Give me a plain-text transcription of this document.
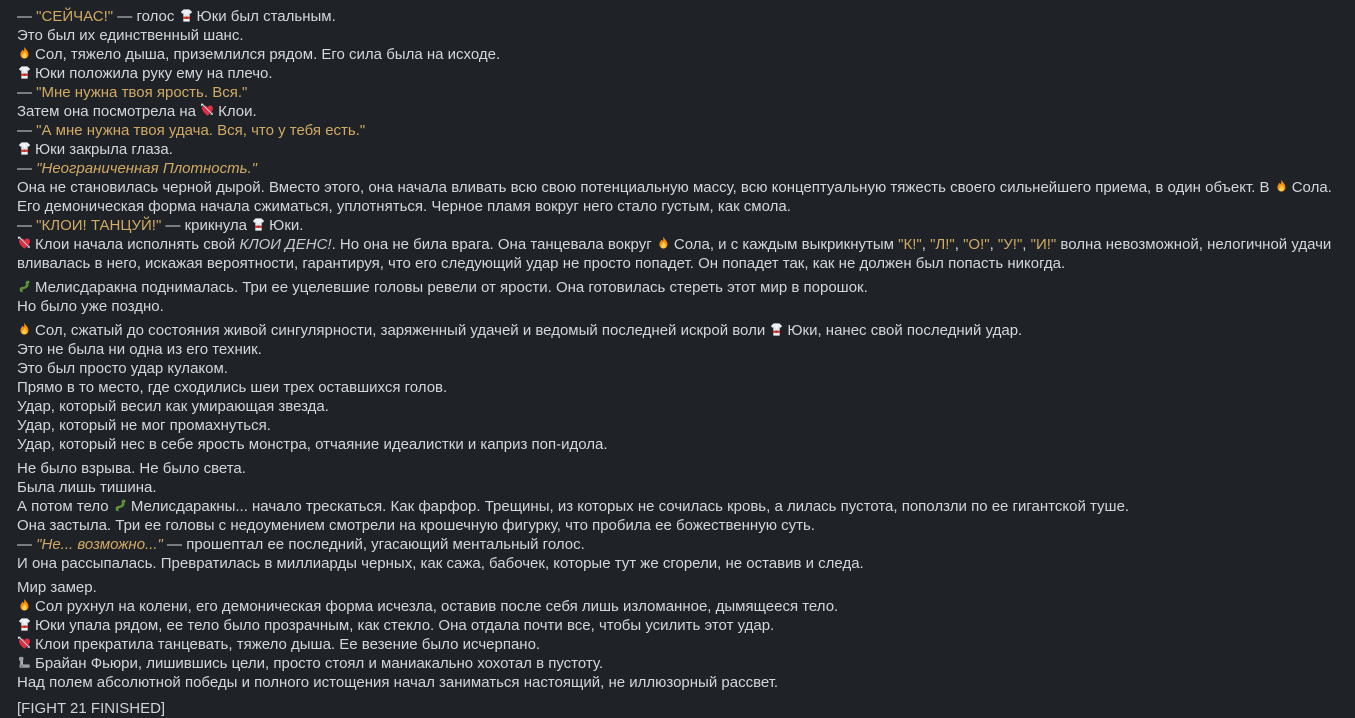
— "СЕЙЧАС!" — голос Юки был стальным.
Это был их единственный шанс.
Сол, тяжело дыша, приземлился рядом. Его сила была на исходе.
Юки положила руку ему на плечо.
— "Мне нужна твоя ярость. Вся."
Затем она посмотрела на Клои.
— "А мне нужна твоя удача. Вся, что у тебя есть."
Юки закрыла глаза.
— "Неограниченная Плотность."
Она не становилась черной дырой. Вместо этого, она начала вливать всю свою потенциальную массу, всю концептуальную тяжесть своего сильнейшего приема, в один объект. В Сола.
Его демоническая форма начала сжиматься, уплотняться. Черное пламя вокруг него стало густым, как смола.
— "КЛОИ! ТАНЦУЙ!" — крикнула Юки.
Клои начала исполнять свой КЛОИ ДЕНС!. Но она не била врага. Она танцевала вокруг Сола, и с каждым выкрикнутым "К!", "Л!", "О!", "У!", "И!" волна невозможной, нелогичной удачи вливалась в него, искажая вероятности, гарантируя, что его следующий удар не просто попадет. Он попадет так, как не должен был попасть никогда.
Мелисдаракна поднималась. Три ее уцелевшие головы ревели от ярости. Она готовилась стереть этот мир в порошок.
Но было уже поздно.
Сол, сжатый до состояния живой сингулярности, заряженный удачей и ведомый последней искрой воли Юки, нанес свой последний удар.
Это не была ни одна из его техник.
Это был просто удар кулаком.
Прямо в то место, где сходились шеи трех оставшихся голов.
Удар, который весил как умирающая звезда.
Удар, который не мог промахнуться.
Удар, который нес в себе ярость монстра, отчаяние идеалистки и каприз поп-идола.
Не было взрыва. Не было света.
Была лишь тишина.
А потом тело Мелисдаракны... начало трескаться. Как фарфор. Трещины, из которых не сочилась кровь, а лилась пустота, поползли по ее гигантской туше.
Она застыла. Три ее головы с недоумением смотрели на крошечную фигурку, что пробила ее божественную суть.
— "Не... возможно..." — прошептал ее последний, угасающий ментальный голос.
И она рассыпалась. Превратилась в миллиарды черных, как сажа, бабочек, которые тут же сгорели, не оставив и следа.
Мир замер.
Сол рухнул на колени, его демоническая форма исчезла, оставив после себя лишь изломанное, дымящееся тело.
Юки упала рядом, ее тело было прозрачным, как стекло. Она отдала почти все, чтобы усилить этот удар.
Клои прекратила танцевать, тяжело дыша. Ее везение было исчерпано.
Брайан Фьюри, лишившись цели, просто стоял и маниакально хохотал в пустоту.
Над полем абсолютной победы и полного истощения начал заниматься настоящий, не иллюзорный рассвет.
[FIGHT 21 FINISHED]
